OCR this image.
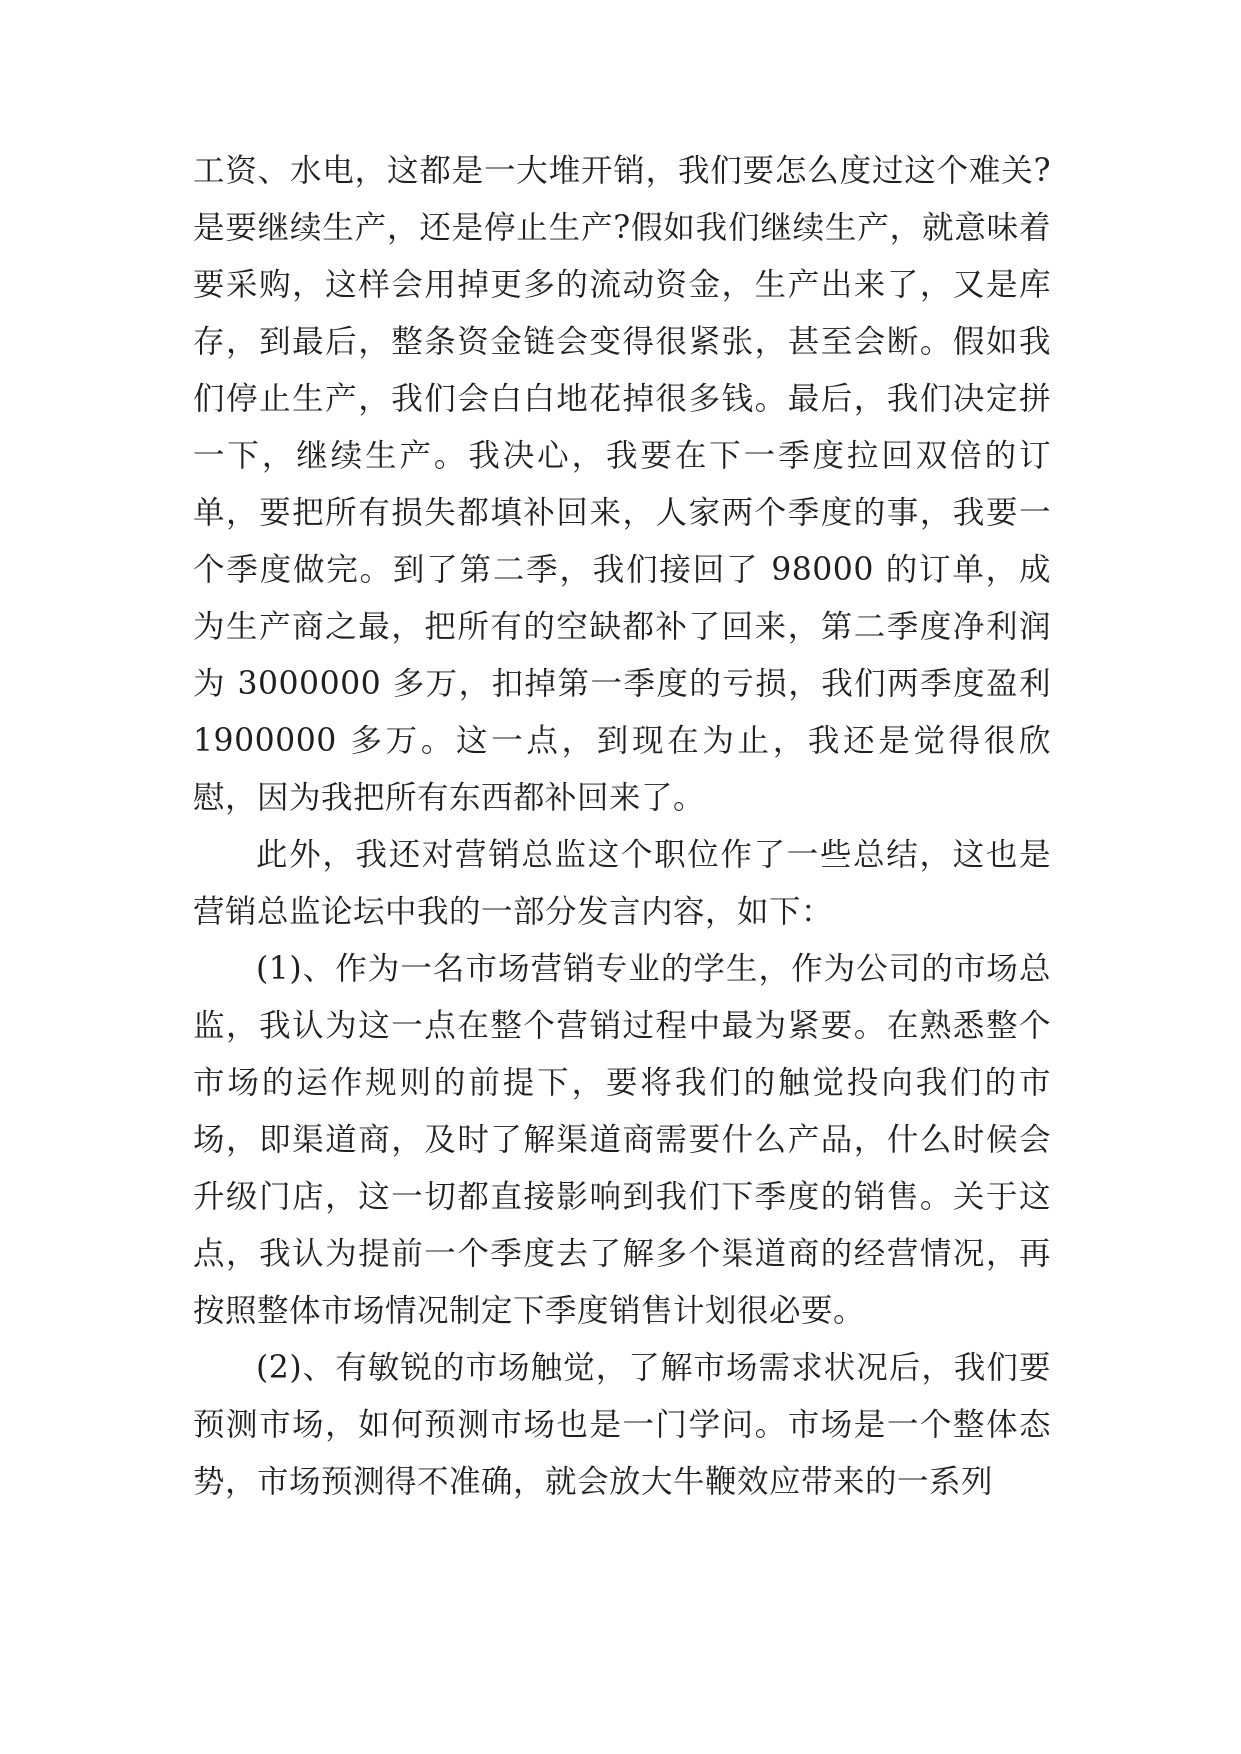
工资、水电，这都是一大堆开销，我们要怎么度过这个难关?是要继续生产，还是停止生产?假如我们继续生产，就意味着要采购，这样会用掉更多的流动资金，生产出来了，又是库存，到最后，整条资金链会变得很紧张，甚至会断。假如我们停止生产，我们会白白地花掉很多钱。最后，我们决定拼一下，继续生产。我决心，我要在下一季度拉回双倍的订单，要把所有损失都填补回来，人家两个季度的事，我要一个季度做完。到了第二季，我们接回了 98000 的订单，成为生产商之最，把所有的空缺都补了回来，第二季度净利润为 3000000 多万，扣掉第一季度的亏损，我们两季度盈利 1900000 多万。这一点，到现在为止，我还是觉得很欣慰，因为我把所有东西都补回来了。

此外，我还对营销总监这个职位作了一些总结，这也是营销总监论坛中我的一部分发言内容，如下：

(1)、作为一名市场营销专业的学生，作为公司的市场总监，我认为这一点在整个营销过程中最为紧要。在熟悉整个市场的运作规则的前提下，要将我们的触觉投向我们的市场，即渠道商，及时了解渠道商需要什么产品，什么时候会升级门店，这一切都直接影响到我们下季度的销售。关于这点，我认为提前一个季度去了解多个渠道商的经营情况，再按照整体市场情况制定下季度销售计划很必要。

(2)、有敏锐的市场触觉，了解市场需求状况后，我们要预测市场，如何预测市场也是一门学问。市场是一个整体态势，市场预测得不准确，就会放大牛鞭效应带来的一系列
